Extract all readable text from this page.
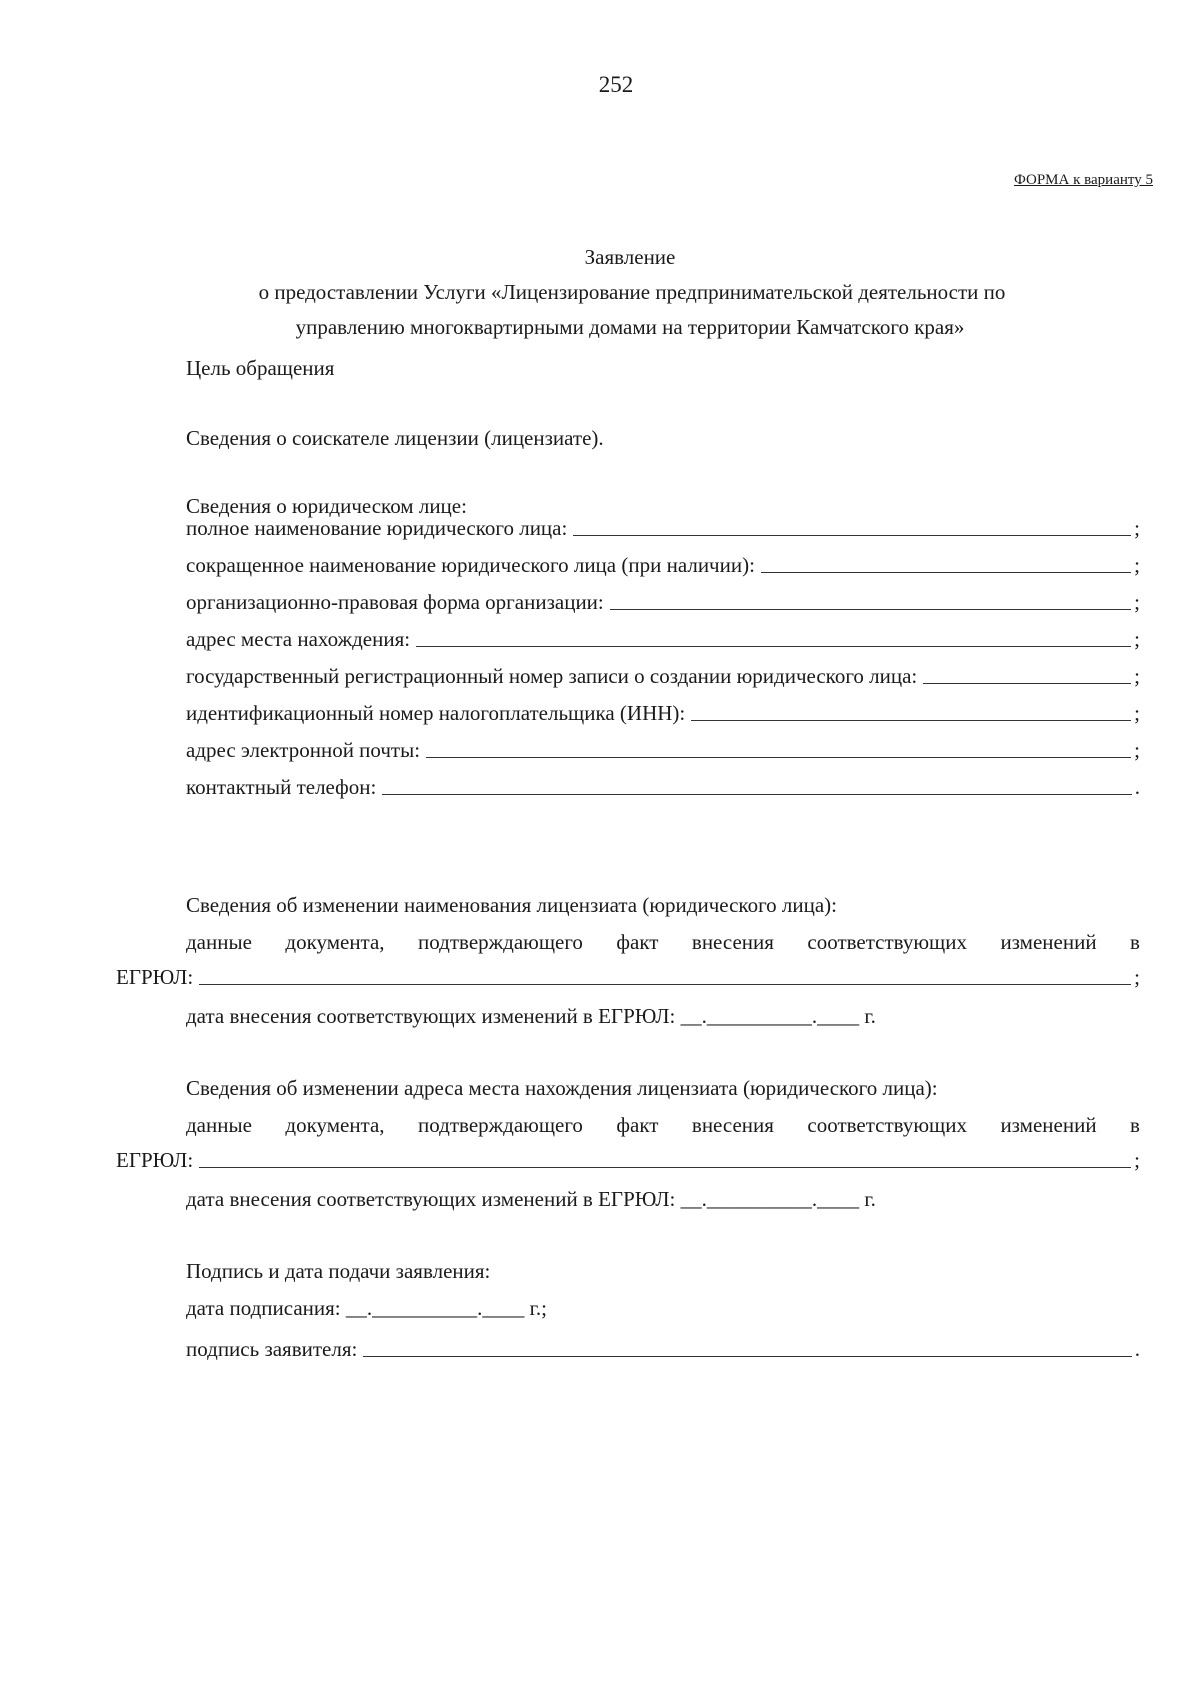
252
ФОРМА к варианту 5
Заявление
о предоставлении Услуги «Лицензирование предпринимательской деятельности по
управлению многоквартирными домами на территории Камчатского края»
Цель обращения
Сведения о соискателе лицензии (лицензиате).
Сведения о юридическом лице:
полное наименование юридического лица:	;
сокращенное наименование юридического лица (при наличии):	;
организационно-правовая форма организации:	;
адрес места нахождения:	;
государственный регистрационный номер записи о создании юридического лица:	;
идентификационный номер налогоплательщика (ИНН):	;
адрес электронной почты:	;
контактный телефон:	.
Сведения об изменении наименования лицензиата (юридического лица):
данные документа, подтверждающего факт внесения соответствующих изменений в
ЕГРЮЛ:	;
дата внесения соответствующих изменений в ЕГРЮЛ: __.__________.____ г.
Сведения об изменении адреса места нахождения лицензиата (юридического лица):
данные документа, подтверждающего факт внесения соответствующих изменений в
ЕГРЮЛ:	;
дата внесения соответствующих изменений в ЕГРЮЛ: __.__________.____ г.
Подпись и дата подачи заявления:
дата подписания: __.__________.____ г.;
подпись заявителя:	.
